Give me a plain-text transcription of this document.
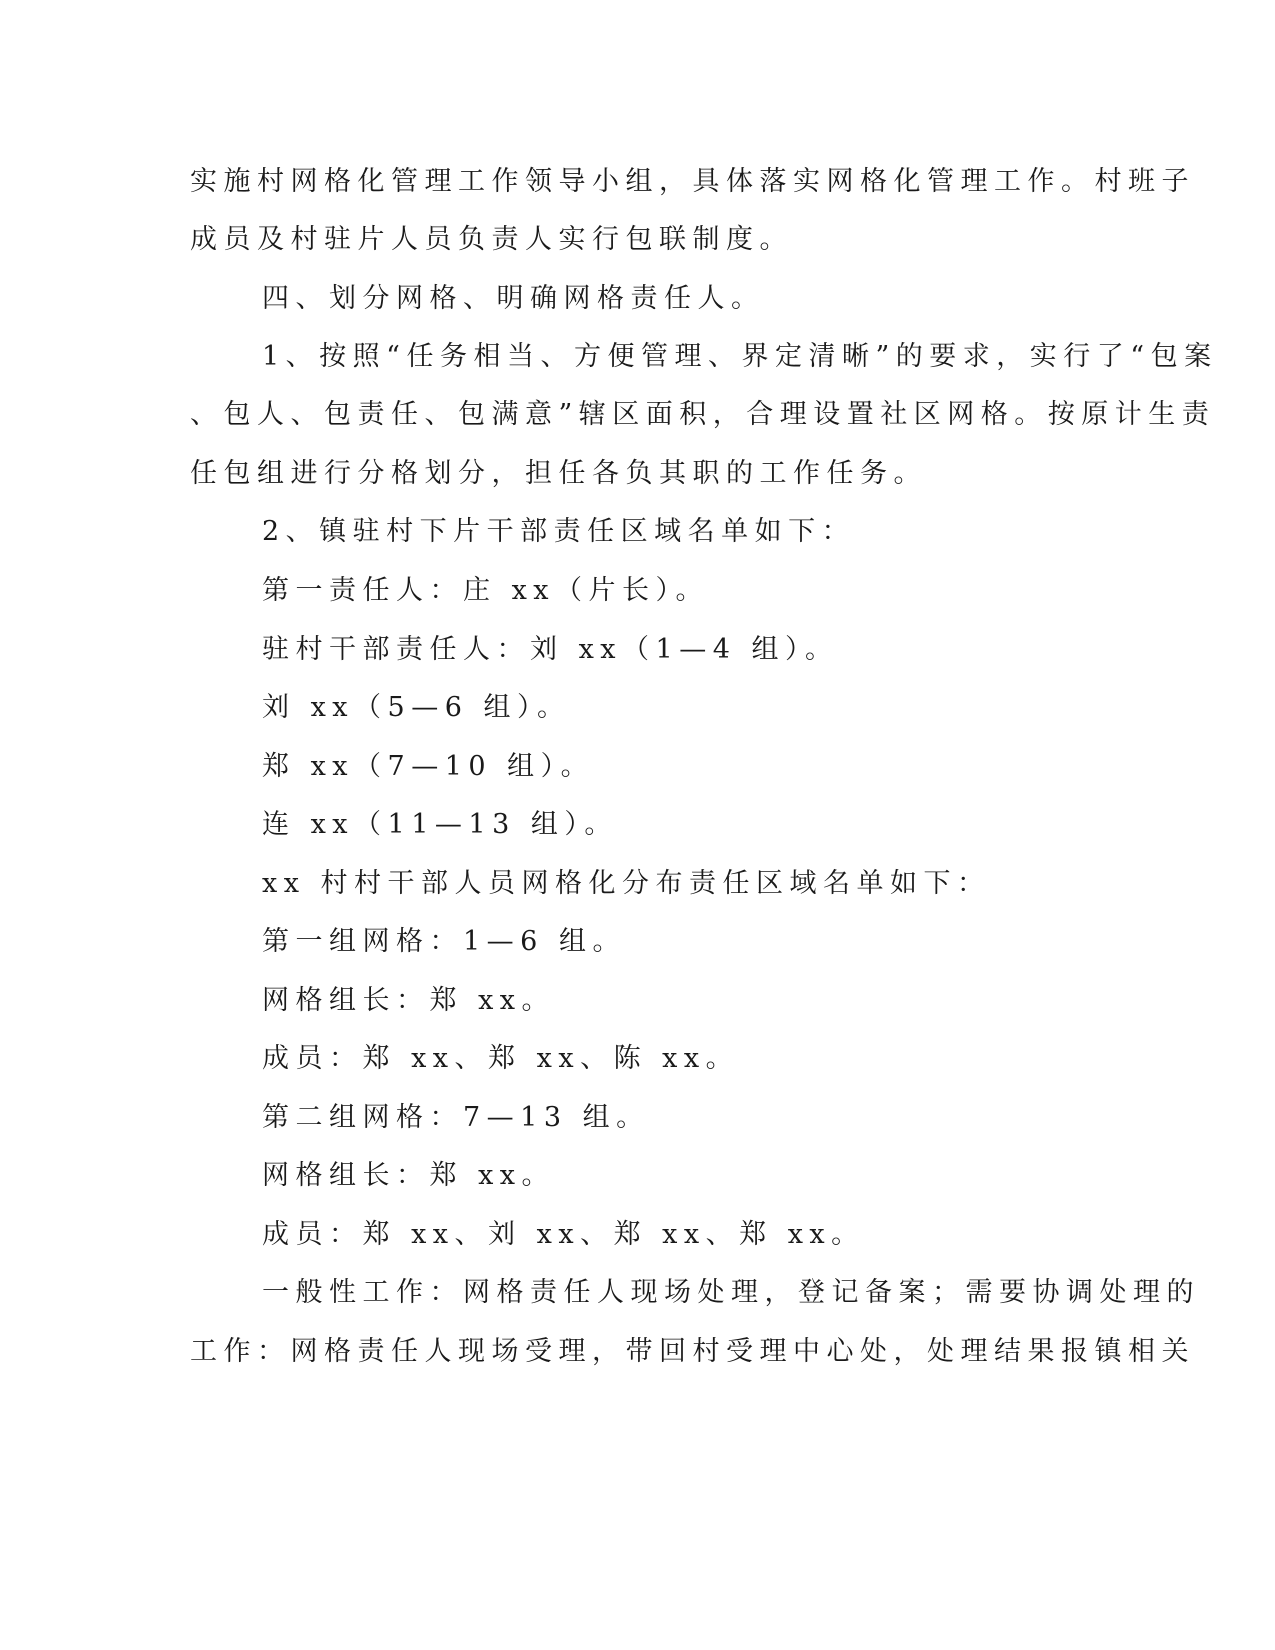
实施村网格化管理工作领导小组，具体落实网格化管理工作。村班子
成员及村驻片人员负责人实行包联制度。
四、划分网格、明确网格责任人。
1、按照“任务相当、方便管理、界定清晰”的要求，实行了“包案
、包人、包责任、包满意”辖区面积，合理设置社区网格。按原计生责
任包组进行分格划分，担任各负其职的工作任务。
2、镇驻村下片干部责任区域名单如下：
第一责任人：庄 xx（片长）。
驻村干部责任人：刘 xx（1—4 组）。
刘 xx（5—6 组）。
郑 xx（7—10 组）。
连 xx（11—13 组）。
xx 村村干部人员网格化分布责任区域名单如下：
第一组网格：1—6 组。
网格组长：郑 xx。
成员：郑 xx、郑 xx、陈 xx。
第二组网格：7—13 组。
网格组长：郑 xx。
成员：郑 xx、刘 xx、郑 xx、郑 xx。
一般性工作：网格责任人现场处理，登记备案；需要协调处理的
工作：网格责任人现场受理，带回村受理中心处，处理结果报镇相关
